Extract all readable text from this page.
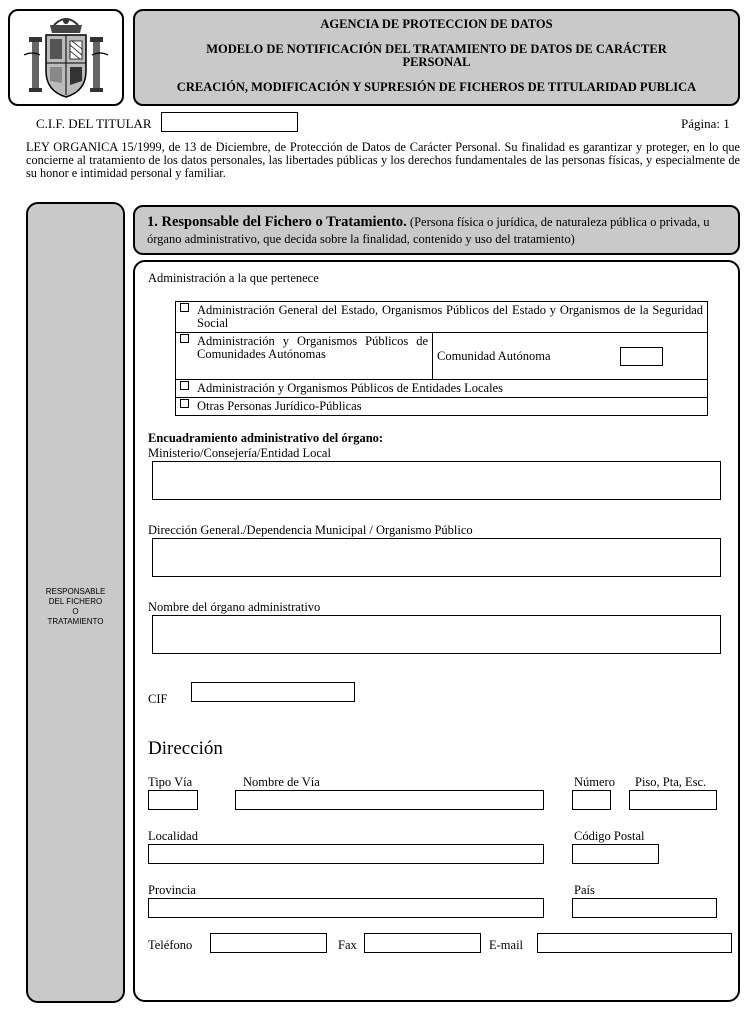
AGENCIA DE PROTECCION DE DATOS
MODELO DE NOTIFICACIÓN DEL TRATAMIENTO DE DATOS DE CARÁCTER PERSONAL
CREACIÓN, MODIFICACIÓN Y SUPRESIÓN DE FICHEROS DE TITULARIDAD PUBLICA
C.I.F. DEL TITULAR	Página: 1
LEY ORGANICA 15/1999, de 13 de Diciembre, de Protección de Datos de Carácter Personal. Su finalidad es garantizar y proteger, en lo que concierne al tratamiento de los datos personales, las libertades públicas y los derechos fundamentales de las personas físicas, y especialmente de su honor e intimidad personal y familiar.
RESPONSABLE
DEL FICHERO
O
TRATAMIENTO
1. Responsable del Fichero o Tratamiento. (Persona física o jurídica, de naturaleza pública o privada, u órgano administrativo, que decida sobre la finalidad, contenido y uso del tratamiento)
Administración a la que pertenece
Administración General del Estado, Organismos Públicos del Estado y Organismos de la Seguridad Social

Administración y Organismos Públicos de Comunidades Autónomas	Comunidad Autónoma

Administración y Organismos Públicos de Entidades Locales

Otras Personas Jurídico-Públicas
Encuadramiento administrativo del órgano:
Ministerio/Consejería/Entidad Local
Dirección General./Dependencia Municipal / Organismo Público
Nombre del órgano administrativo
CIF
Dirección
Tipo Vía	Nombre de Vía	Número Piso, Pta, Esc.
Localidad	Código Postal
Provincia	País
Teléfono	Fax	E-mail
